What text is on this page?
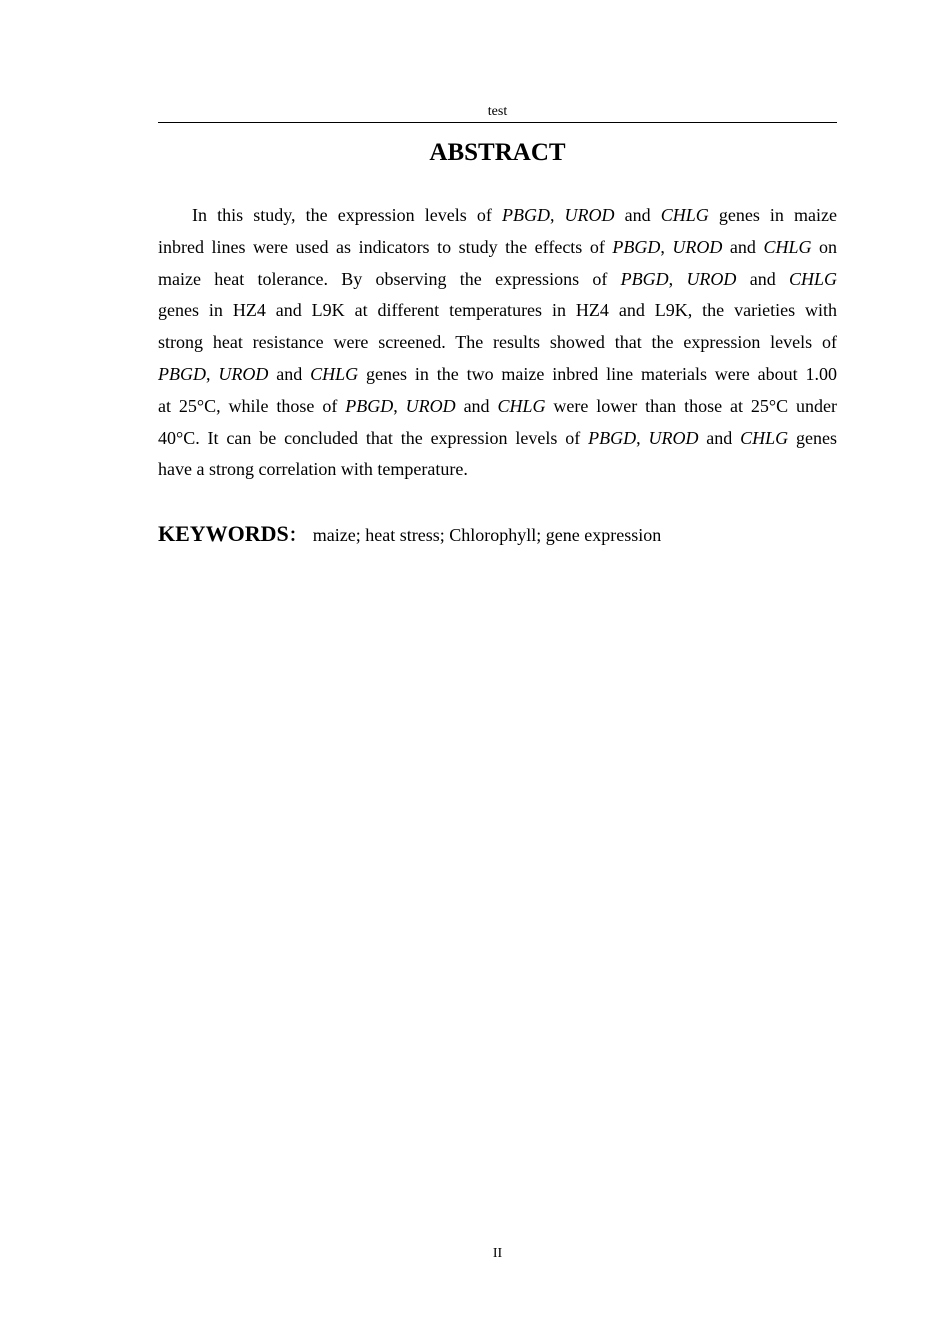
test
ABSTRACT
In this study, the expression levels of PBGD, UROD and CHLG genes in maize
inbred lines were used as indicators to study the effects of PBGD, UROD and CHLG on
maize heat tolerance. By observing the expressions of PBGD, UROD and CHLG
genes in HZ4 and L9K at different temperatures in HZ4 and L9K, the varieties with
strong heat resistance were screened. The results showed that the expression levels of
PBGD, UROD and CHLG genes in the two maize inbred line materials were about 1.00
at 25°C, while those of PBGD, UROD and CHLG were lower than those at 25°C under
40°C. It can be concluded that the expression levels of PBGD, UROD and CHLG genes
have a strong correlation with temperature.
KEYWORDS： maize; heat stress; Chlorophyll; gene expression
II
